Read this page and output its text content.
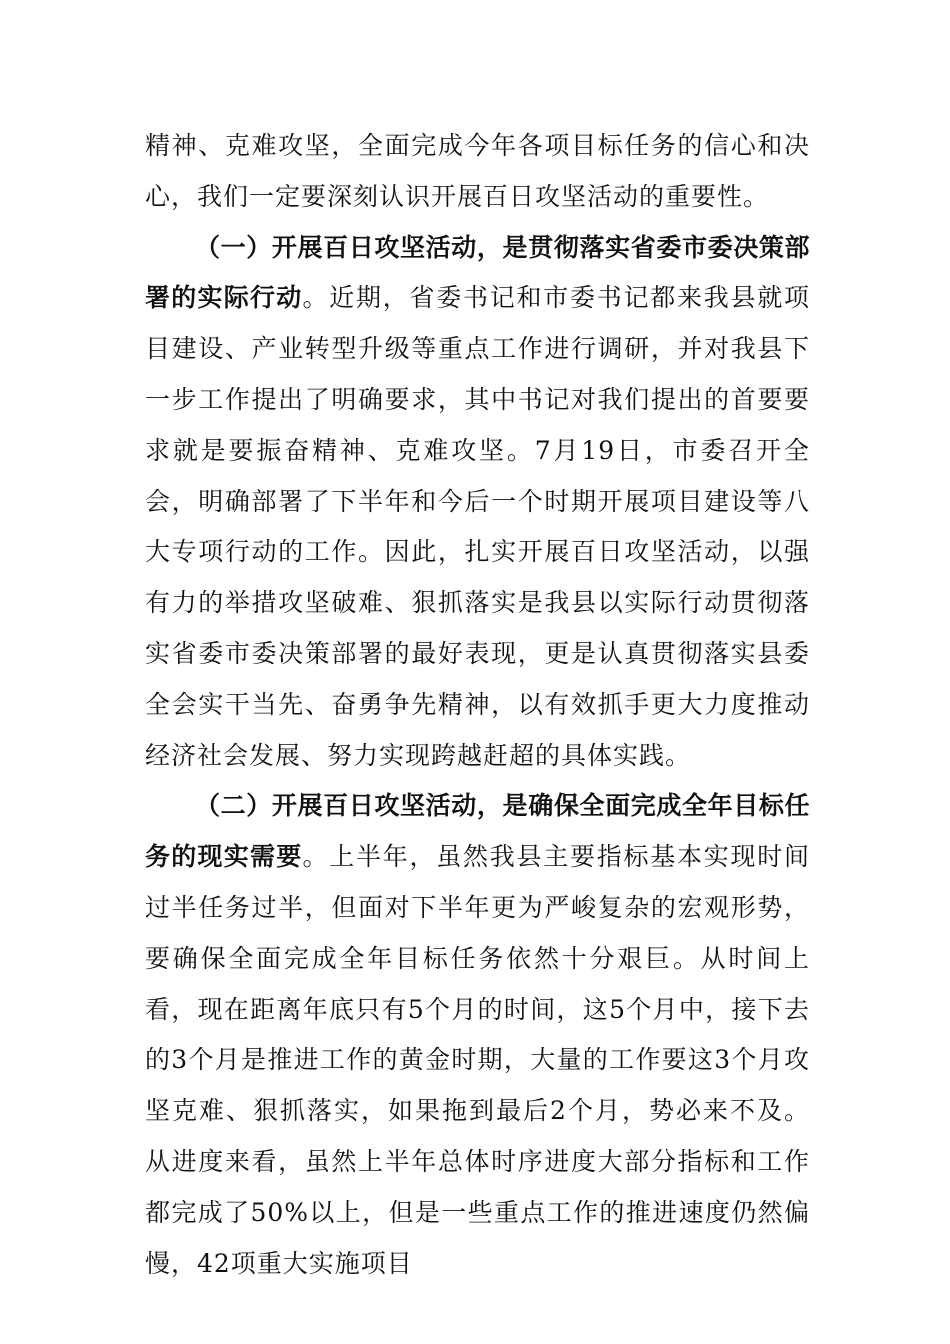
精神、克难攻坚，全面完成今年各项目标任务的信心和决心，我们一定要深刻认识开展百日攻坚活动的重要性。

（一）开展百日攻坚活动，是贯彻落实省委市委决策部署的实际行动。近期，省委书记和市委书记都来我县就项目建设、产业转型升级等重点工作进行调研，并对我县下一步工作提出了明确要求，其中书记对我们提出的首要要求就是要振奋精神、克难攻坚。7月19日，市委召开全会，明确部署了下半年和今后一个时期开展项目建设等八大专项行动的工作。因此，扎实开展百日攻坚活动，以强有力的举措攻坚破难、狠抓落实是我县以实际行动贯彻落实省委市委决策部署的最好表现，更是认真贯彻落实县委全会实干当先、奋勇争先精神，以有效抓手更大力度推动经济社会发展、努力实现跨越赶超的具体实践。

（二）开展百日攻坚活动，是确保全面完成全年目标任务的现实需要。上半年，虽然我县主要指标基本实现时间过半任务过半，但面对下半年更为严峻复杂的宏观形势，要确保全面完成全年目标任务依然十分艰巨。从时间上看，现在距离年底只有5个月的时间，这5个月中，接下去的3个月是推进工作的黄金时期，大量的工作要这3个月攻坚克难、狠抓落实，如果拖到最后2个月，势必来不及。从进度来看，虽然上半年总体时序进度大部分指标和工作都完成了50%以上，但是一些重点工作的推进速度仍然偏慢，42项重大实施项目
